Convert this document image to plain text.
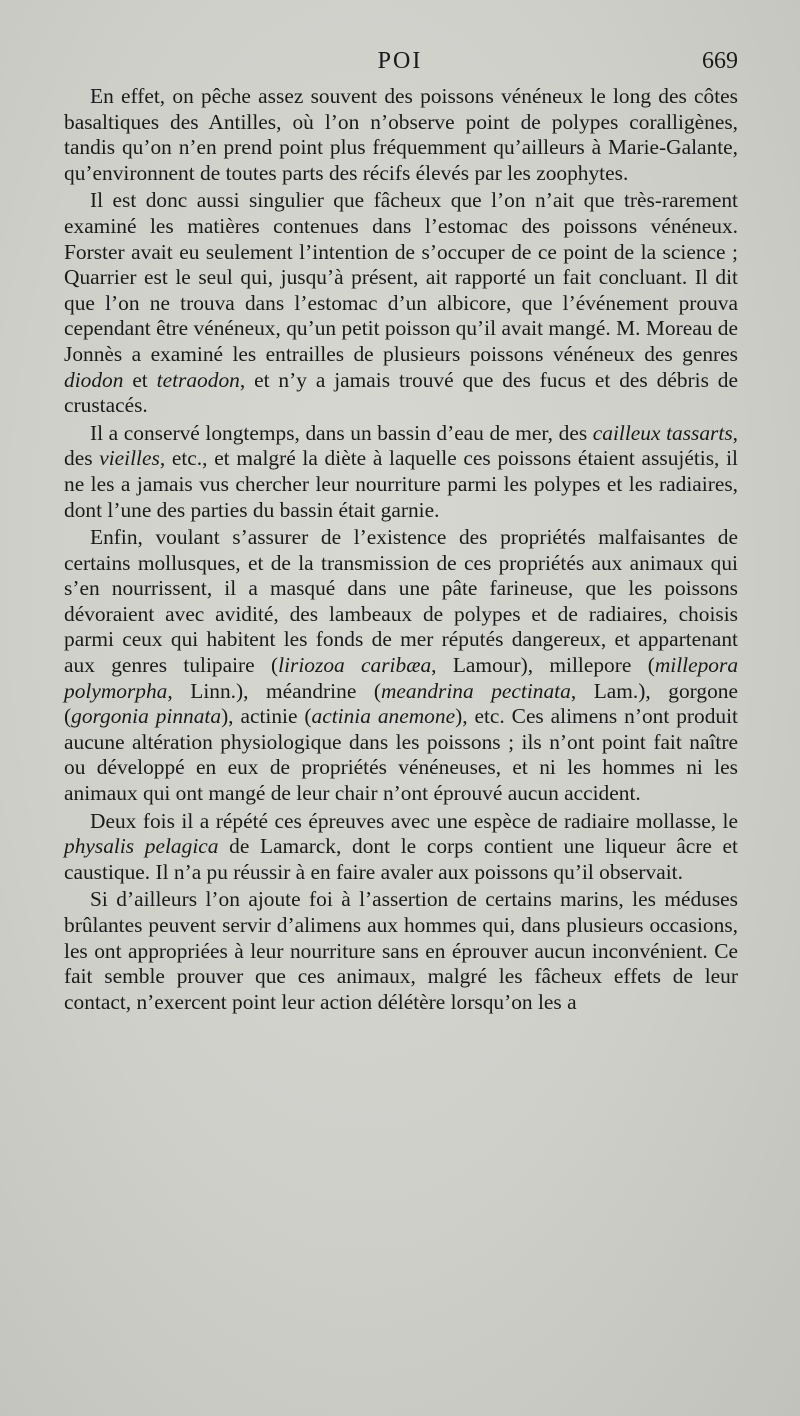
POI	669

En effet, on pêche assez souvent des poissons vénéneux le long des côtes basaltiques des Antilles, où l’on n’observe point de polypes coralligènes, tandis qu’on n’en prend point plus fréquemment qu’ailleurs à Marie-Galante, qu’environnent de toutes parts des récifs élevés par les zoophytes.

Il est donc aussi singulier que fâcheux que l’on n’ait que très-rarement examiné les matières contenues dans l’estomac des poissons vénéneux. Forster avait eu seulement l’intention de s’occuper de ce point de la science ; Quarrier est le seul qui, jusqu’à présent, ait rapporté un fait concluant. Il dit que l’on ne trouva dans l’estomac d’un albicore, que l’événement prouva cependant être vénéneux, qu’un petit poisson qu’il avait mangé. M. Moreau de Jonnès a examiné les entrailles de plusieurs poissons vénéneux des genres diodon et tetraodon, et n’y a jamais trouvé que des fucus et des débris de crustacés.

Il a conservé longtemps, dans un bassin d’eau de mer, des cailleux tassarts, des vieilles, etc., et malgré la diète à laquelle ces poissons étaient assujétis, il ne les a jamais vus chercher leur nourriture parmi les polypes et les radiaires, dont l’une des parties du bassin était garnie.

Enfin, voulant s’assurer de l’existence des propriétés malfaisantes de certains mollusques, et de la transmission de ces propriétés aux animaux qui s’en nourrissent, il a masqué dans une pâte farineuse, que les poissons dévoraient avec avidité, des lambeaux de polypes et de radiaires, choisis parmi ceux qui habitent les fonds de mer réputés dangereux, et appartenant aux genres tulipaire (liriozoa caribæa, Lamour), millepore (millepora polymorpha, Linn.), méandrine (meandrina pectinata, Lam.), gorgone (gorgonia pinnata), actinie (actinia anemone), etc. Ces alimens n’ont produit aucune altération physiologique dans les poissons ; ils n’ont point fait naître ou développé en eux de propriétés vénéneuses, et ni les hommes ni les animaux qui ont mangé de leur chair n’ont éprouvé aucun accident.

Deux fois il a répété ces épreuves avec une espèce de radiaire mollasse, le physalis pelagica de Lamarck, dont le corps contient une liqueur âcre et caustique. Il n’a pu réussir à en faire avaler aux poissons qu’il observait.

Si d’ailleurs l’on ajoute foi à l’assertion de certains marins, les méduses brûlantes peuvent servir d’alimens aux hommes qui, dans plusieurs occasions, les ont appropriées à leur nourriture sans en éprouver aucun inconvénient. Ce fait semble prouver que ces animaux, malgré les fâcheux effets de leur contact, n’exercent point leur action délétère lorsqu’on les a
